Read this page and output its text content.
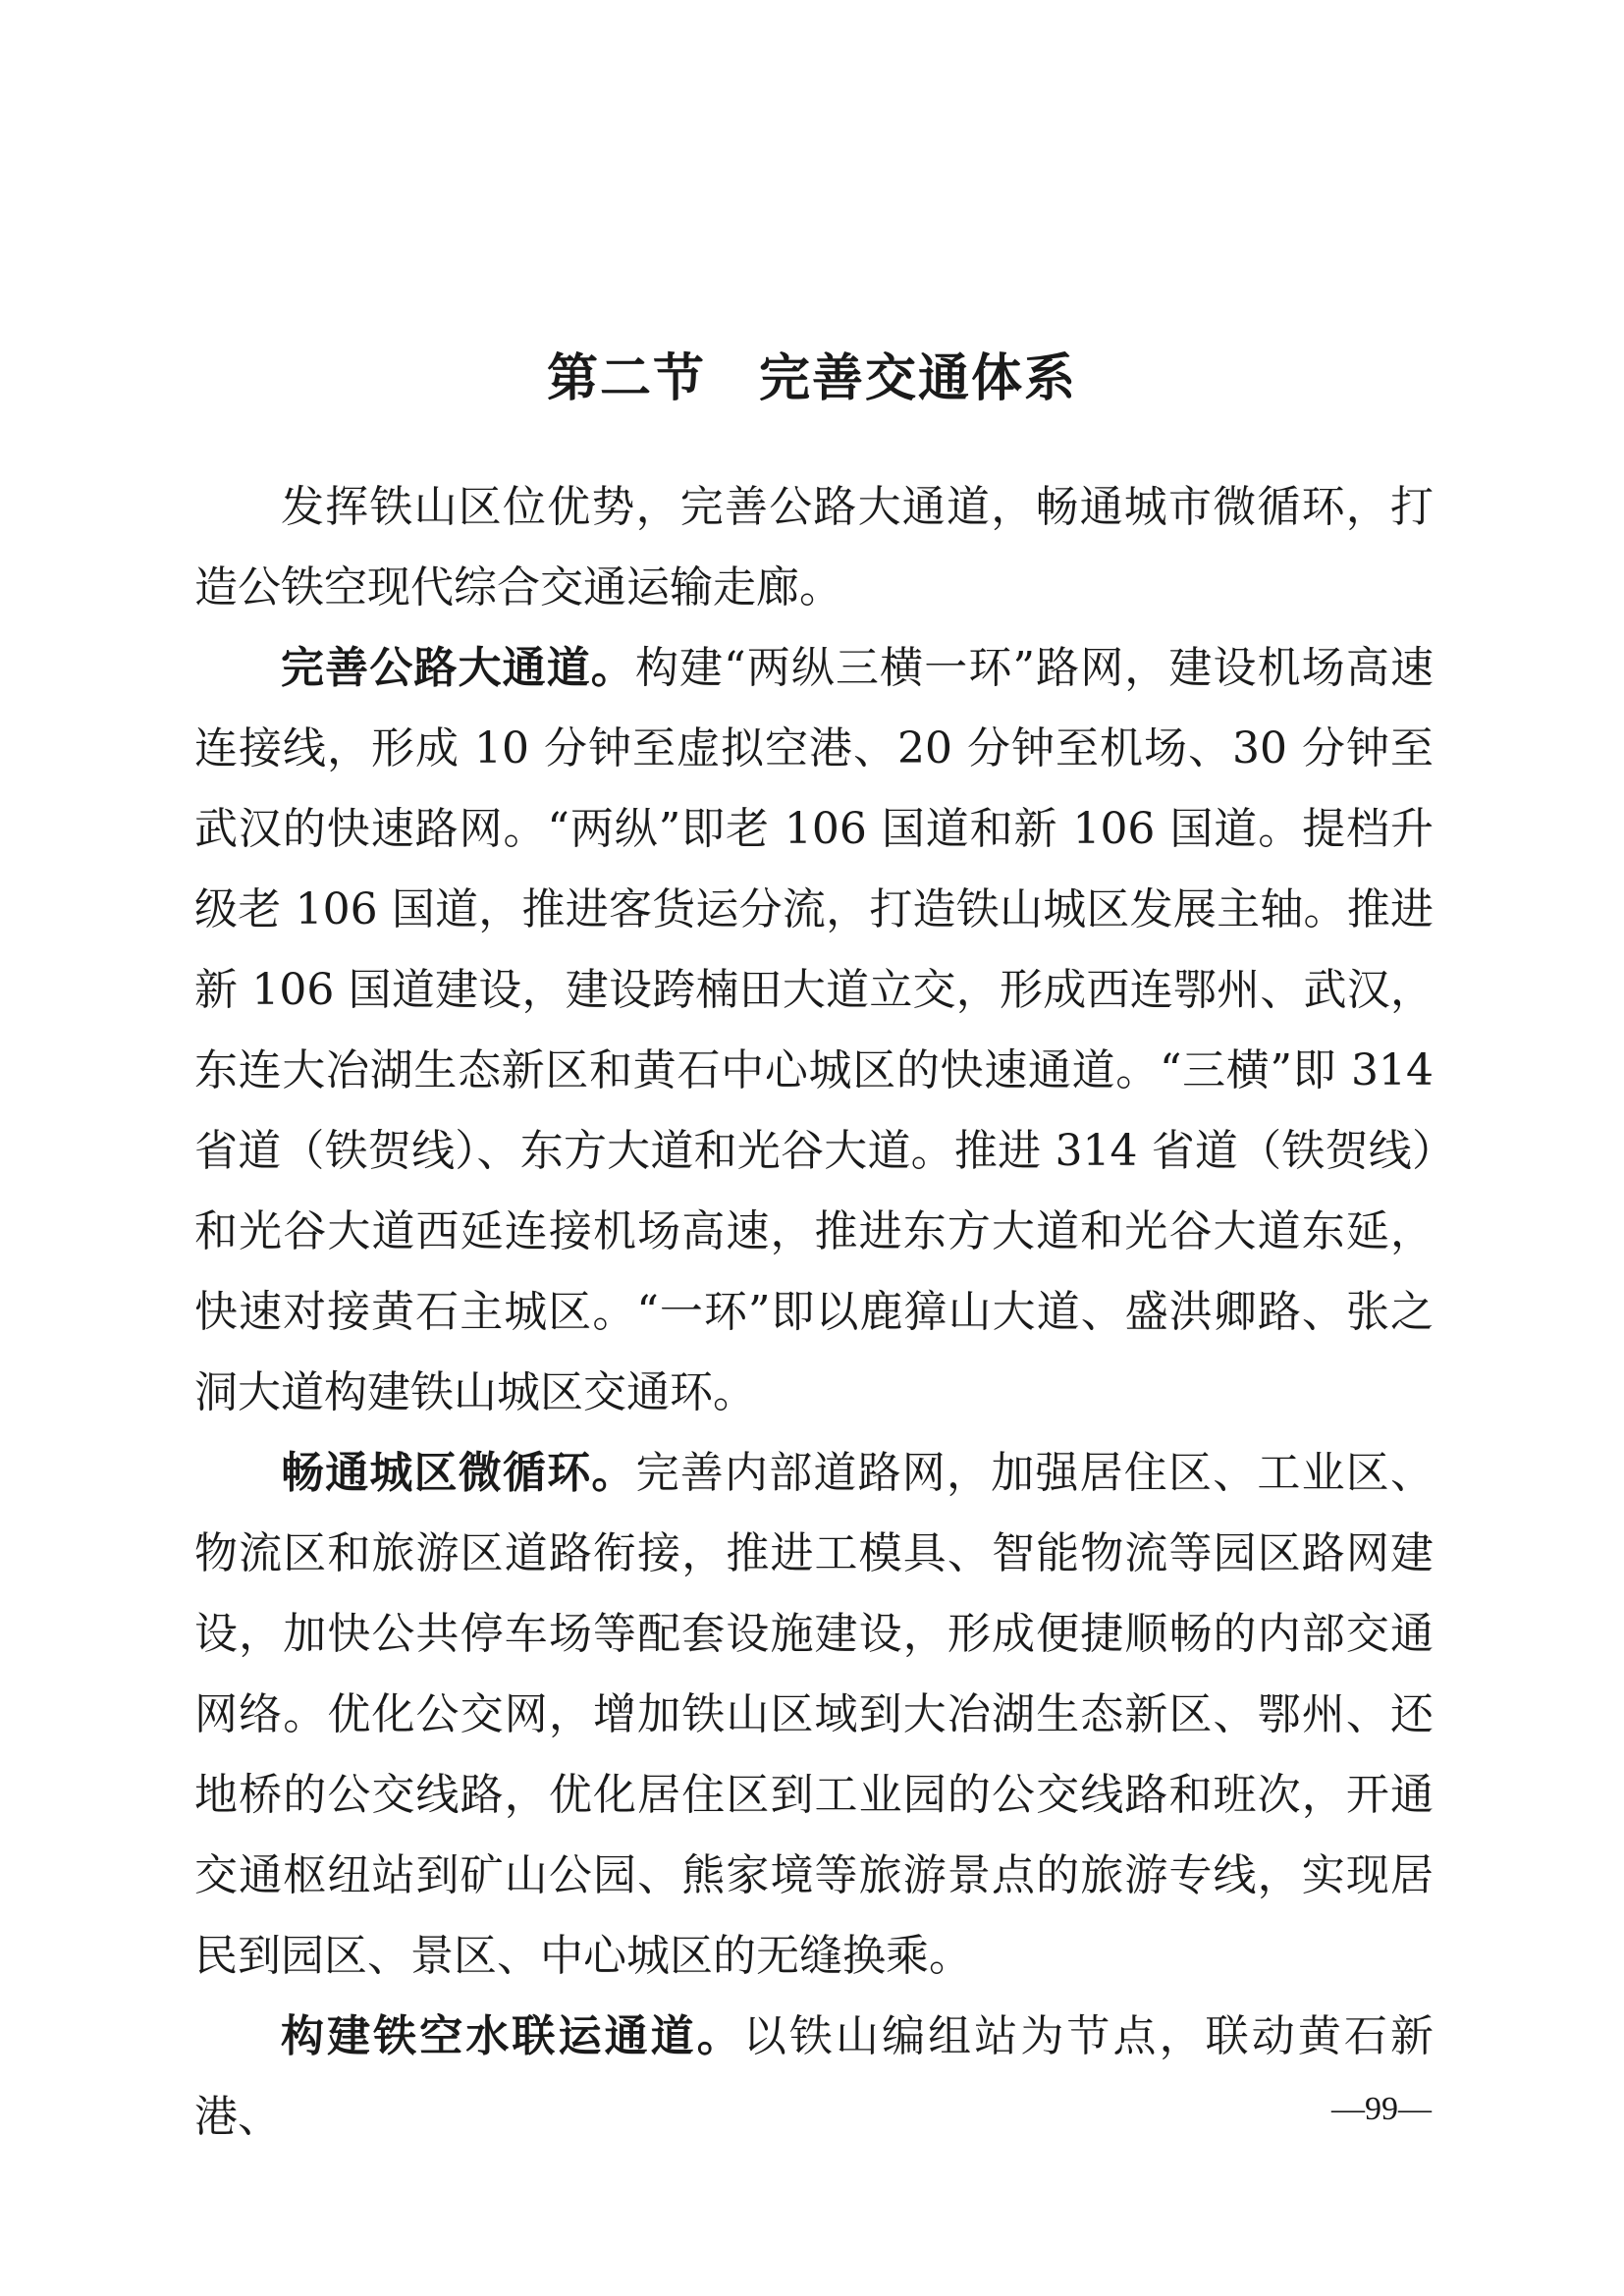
第二节　完善交通体系

发挥铁山区位优势，完善公路大通道，畅通城市微循环，打造公铁空现代综合交通运输走廊。

完善公路大通道。构建“两纵三横一环”路网，建设机场高速连接线，形成 10 分钟至虚拟空港、20 分钟至机场、30 分钟至武汉的快速路网。“两纵”即老 106 国道和新 106 国道。提档升级老 106 国道，推进客货运分流，打造铁山城区发展主轴。推进新 106 国道建设，建设跨楠田大道立交，形成西连鄂州、武汉，东连大冶湖生态新区和黄石中心城区的快速通道。“三横”即 314 省道（铁贺线）、东方大道和光谷大道。推进 314 省道（铁贺线）和光谷大道西延连接机场高速，推进东方大道和光谷大道东延，快速对接黄石主城区。“一环”即以鹿獐山大道、盛洪卿路、张之洞大道构建铁山城区交通环。

畅通城区微循环。完善内部道路网，加强居住区、工业区、物流区和旅游区道路衔接，推进工模具、智能物流等园区路网建设，加快公共停车场等配套设施建设，形成便捷顺畅的内部交通网络。优化公交网，增加铁山区域到大冶湖生态新区、鄂州、还地桥的公交线路，优化居住区到工业园的公交线路和班次，开通交通枢纽站到矿山公园、熊家境等旅游景点的旅游专线，实现居民到园区、景区、中心城区的无缝换乘。

构建铁空水联运通道。以铁山编组站为节点，联动黄石新港、	—99—
